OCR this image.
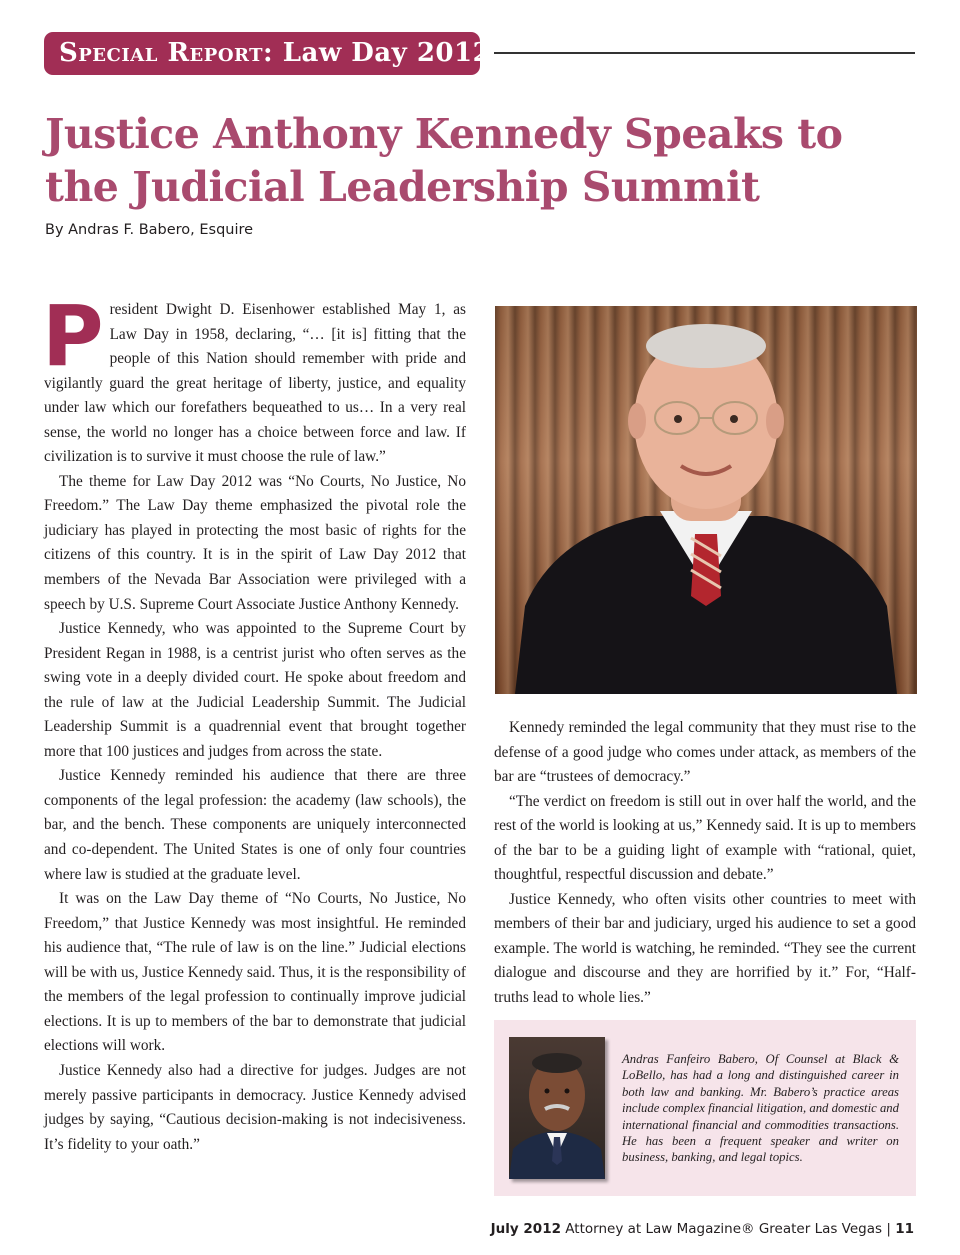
Special Report: Law Day 2012
Justice Anthony Kennedy Speaks to the Judicial Leadership Summit

By Andras F. Babero, Esquire

President Dwight D. Eisenhower established May 1, as Law Day in 1958, declaring, “… [it is] fitting that the people of this Nation should remember with pride and vigilantly guard the great heritage of liberty, justice, and equality under law which our forefathers bequeathed to us… In a very real sense, the world no longer has a choice between force and law. If civilization is to survive it must choose the rule of law.”

The theme for Law Day 2012 was “No Courts, No Justice, No Freedom.” The Law Day theme emphasized the pivotal role the judiciary has played in protecting the most basic of rights for the citizens of this country. It is in the spirit of Law Day 2012 that members of the Nevada Bar Association were privileged with a speech by U.S. Supreme Court Associate Justice Anthony Kennedy.

Justice Kennedy, who was appointed to the Supreme Court by President Regan in 1988, is a centrist jurist who often serves as the swing vote in a deeply divided court. He spoke about freedom and the rule of law at the Judicial Leadership Summit. The Judicial Leadership Summit is a quadrennial event that brought together more that 100 justices and judges from across the state.

Justice Kennedy reminded his audience that there are three components of the legal profession: the academy (law schools), the bar, and the bench. These components are uniquely interconnected and co-dependent. The United States is one of only four countries where law is studied at the graduate level.

It was on the Law Day theme of “No Courts, No Justice, No Freedom,” that Justice Kennedy was most insightful. He reminded his audience that, “The rule of law is on the line.” Judicial elections will be with us, Justice Kennedy said. Thus, it is the responsibility of the members of the legal profession to continually improve judicial elections. It is up to members of the bar to demonstrate that judicial elections will work.

Justice Kennedy also had a directive for judges. Judges are not merely passive participants in democracy. Justice Kennedy advised judges by saying, “Cautious decision-making is not indecisiveness. It’s fidelity to your oath.”

Kennedy reminded the legal community that they must rise to the defense of a good judge who comes under attack, as members of the bar are “trustees of democracy.”

“The verdict on freedom is still out in over half the world, and the rest of the world is looking at us,” Kennedy said. It is up to members of the bar to be a guiding light of example with “rational, quiet, thoughtful, respectful discussion and debate.”

Justice Kennedy, who often visits other countries to meet with members of their bar and judiciary, urged his audience to set a good example. The world is watching, he reminded. “They see the current dialogue and discourse and they are horrified by it.” For, “Half-truths lead to whole lies.”

Andras Fanfeiro Babero, Of Counsel at Black & LoBello, has had a long and distinguished career in both law and banking. Mr. Babero’s practice areas include complex financial litigation, and domestic and international financial and commodities transactions. He has been a frequent speaker and writer on business, banking, and legal topics.

July 2012 Attorney at Law Magazine® Greater Las Vegas | 11
